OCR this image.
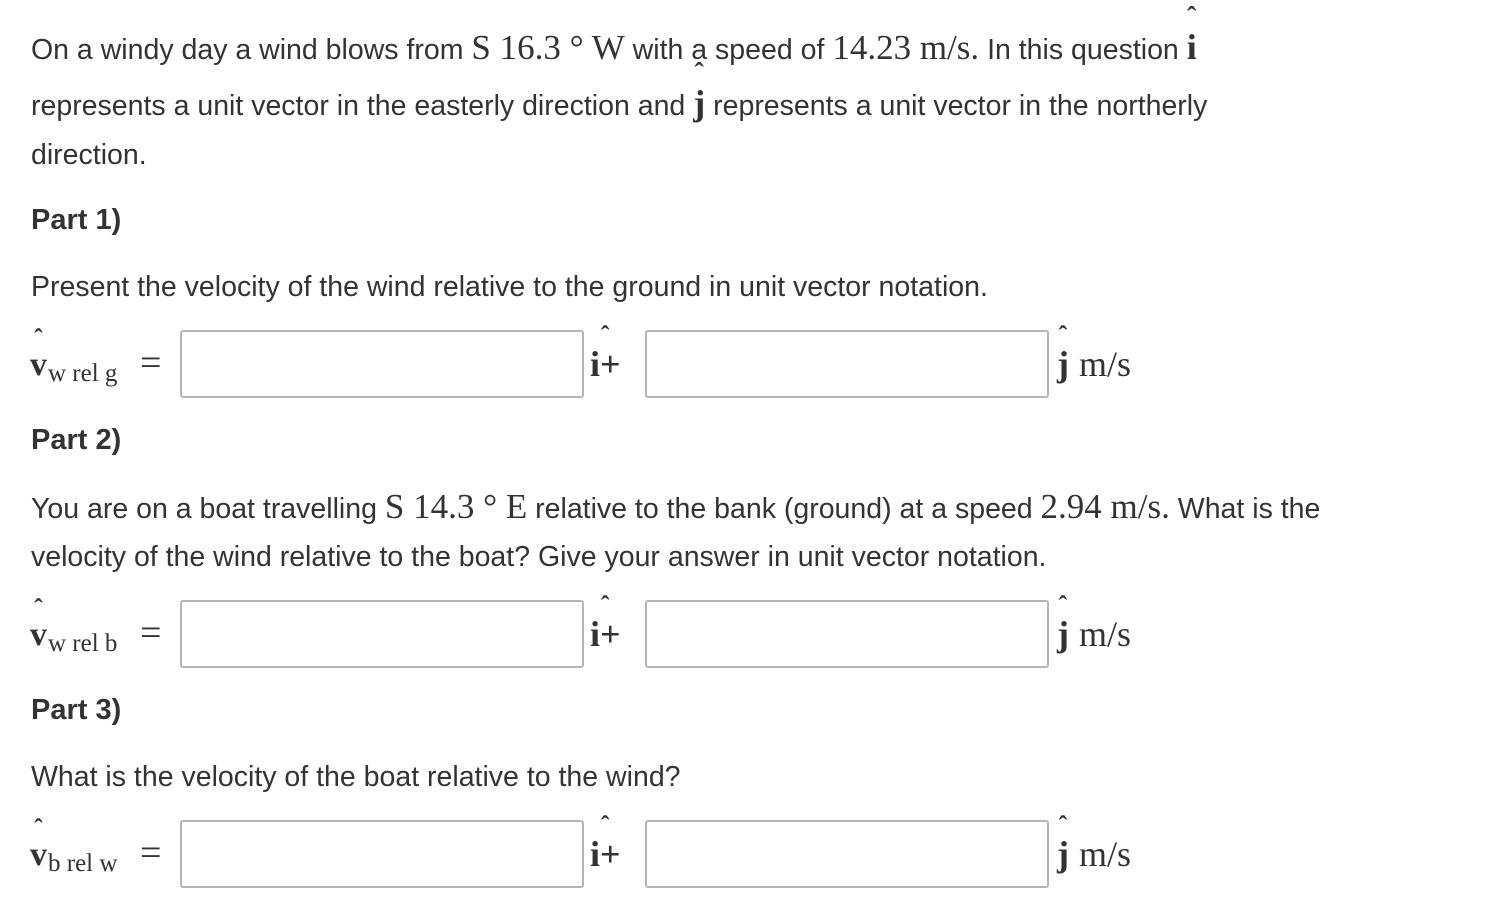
On a windy day a wind blows from S 16.3 ° W with a speed of 14.23 m/s. In this question
ˆ
i
represents a unit vector in the easterly direction and
ˆ
j represents a unit vector in the northerly
direction.
Part 1)
Present the velocity of the wind relative to the ground in unit vector notation.
ˆ
vw rel g =
ˆ
i+
ˆ
j m/s
Part 2)
You are on a boat travelling S 14.3 ° E relative to the bank (ground) at a speed 2.94 m/s. What is the
velocity of the wind relative to the boat? Give your answer in unit vector notation.
ˆ
vw rel b =
ˆ
i+
ˆ
j m/s
Part 3)
What is the velocity of the boat relative to the wind?
ˆ
vb rel w =
ˆ
i+
ˆ
j m/s
